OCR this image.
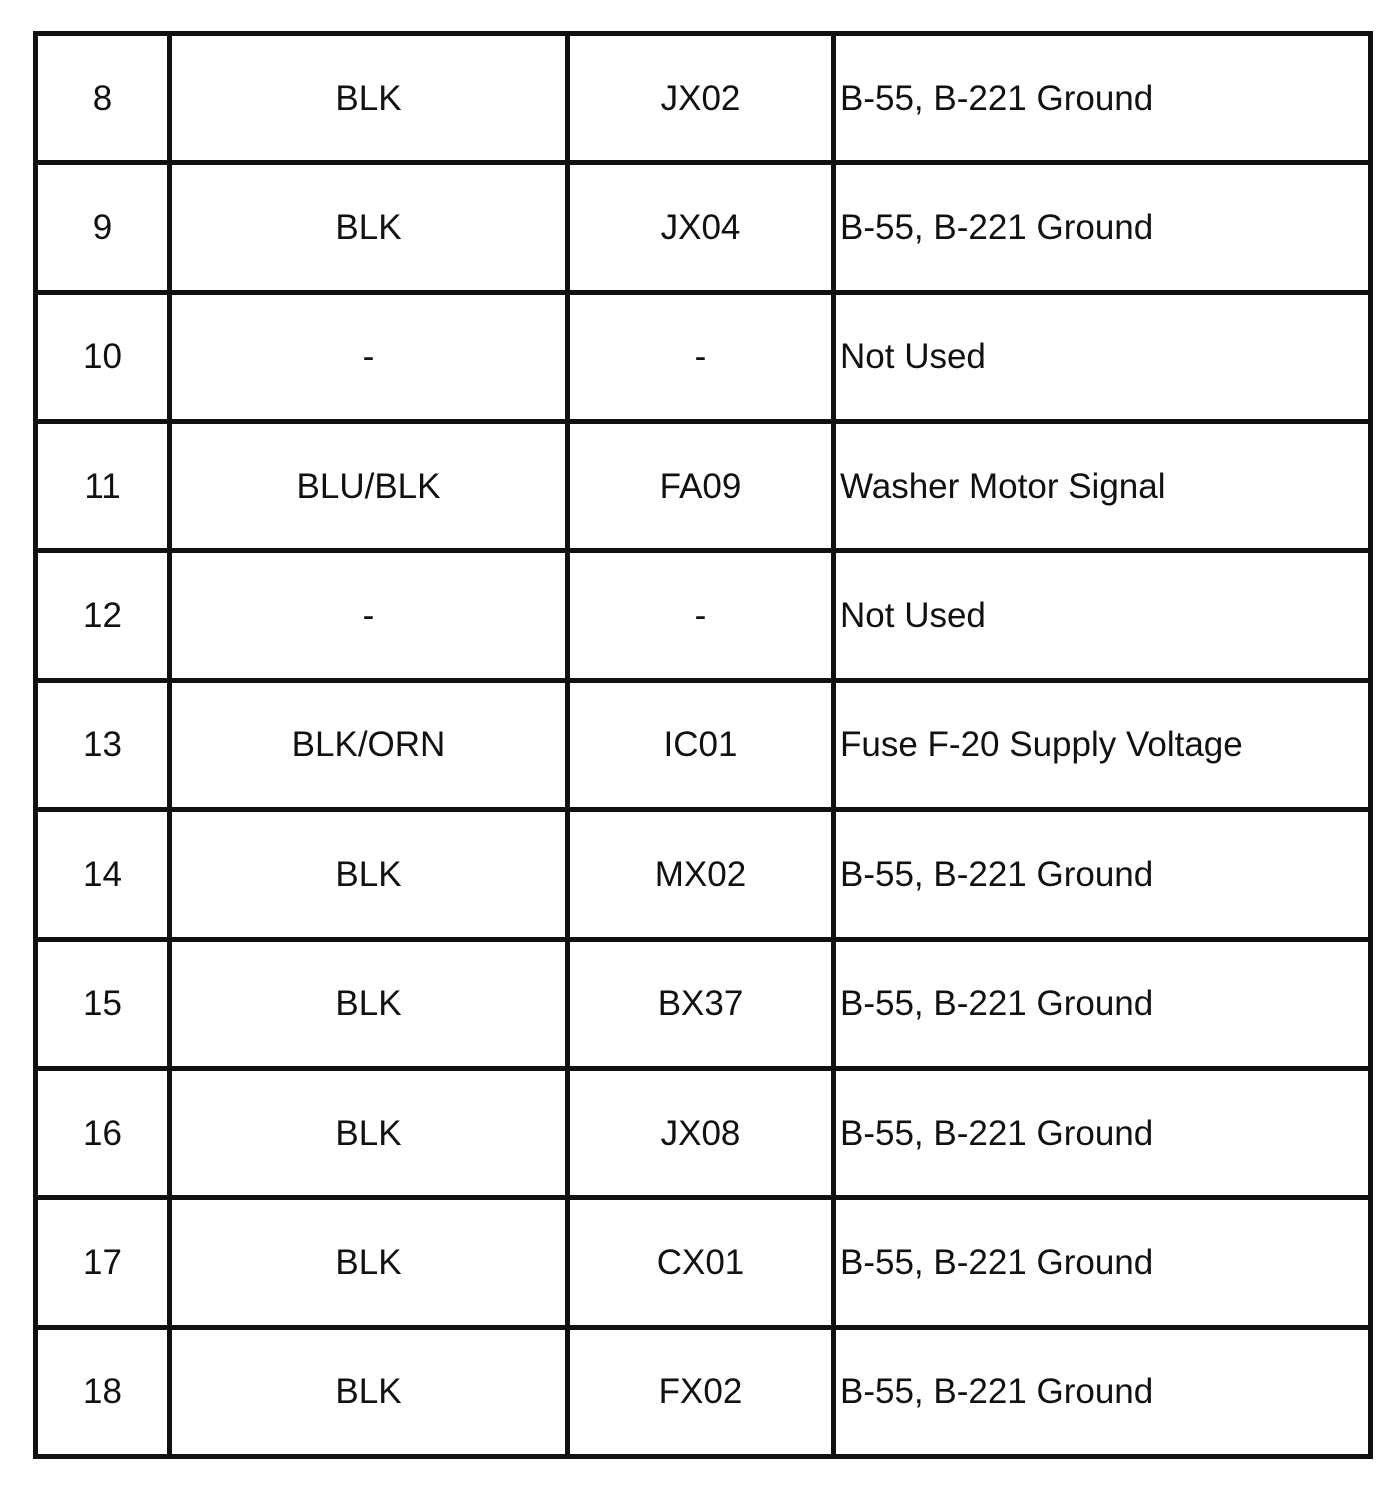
8	BLK	JX02	B-55, B-221 Ground
9	BLK	JX04	B-55, B-221 Ground
10	-	-	Not Used
11	BLU/BLK	FA09	Washer Motor Signal
12	-	-	Not Used
13	BLK/ORN	IC01	Fuse F-20 Supply Voltage
14	BLK	MX02	B-55, B-221 Ground
15	BLK	BX37	B-55, B-221 Ground
16	BLK	JX08	B-55, B-221 Ground
17	BLK	CX01	B-55, B-221 Ground
18	BLK	FX02	B-55, B-221 Ground
